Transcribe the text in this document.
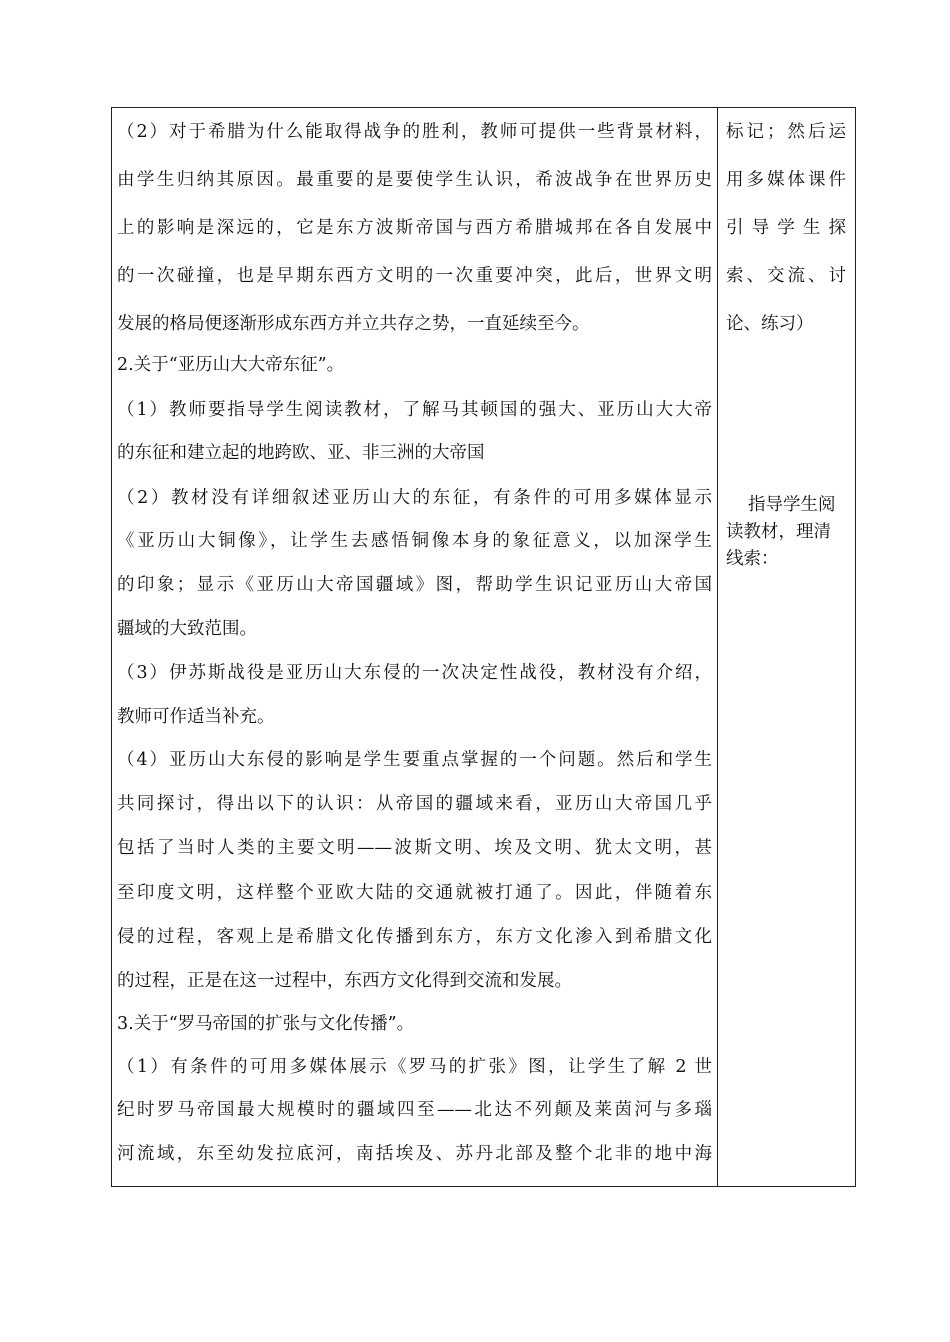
（2）对于希腊为什么能取得战争的胜利，教师可提供一些背景材料，
由学生归纳其原因。最重要的是要使学生认识，希波战争在世界历史
上的影响是深远的，它是东方波斯帝国与西方希腊城邦在各自发展中
的一次碰撞，也是早期东西方文明的一次重要冲突，此后，世界文明
发展的格局便逐渐形成东西方并立共存之势，一直延续至今。
2.关于“亚历山大大帝东征”。
（1）教师要指导学生阅读教材，了解马其顿国的强大、亚历山大大帝
的东征和建立起的地跨欧、亚、非三洲的大帝国
（2）教材没有详细叙述亚历山大的东征，有条件的可用多媒体显示
《亚历山大铜像》，让学生去感悟铜像本身的象征意义，以加深学生
的印象；显示《亚历山大帝国疆域》图，帮助学生识记亚历山大帝国
疆域的大致范围。
（3）伊苏斯战役是亚历山大东侵的一次决定性战役，教材没有介绍，
教师可作适当补充。
（4）亚历山大东侵的影响是学生要重点掌握的一个问题。然后和学生
共同探讨，得出以下的认识：从帝国的疆域来看，亚历山大帝国几乎
包括了当时人类的主要文明——波斯文明、埃及文明、犹太文明，甚
至印度文明，这样整个亚欧大陆的交通就被打通了。因此，伴随着东
侵的过程，客观上是希腊文化传播到东方，东方文化渗入到希腊文化
的过程，正是在这一过程中，东西方文化得到交流和发展。
3.关于“罗马帝国的扩张与文化传播”。
（1）有条件的可用多媒体展示《罗马的扩张》图，让学生了解 2 世
纪时罗马帝国最大规模时的疆域四至——北达不列颠及莱茵河与多瑙
河流域，东至幼发拉底河，南括埃及、苏丹北部及整个北非的地中海
标记；然后运
用多媒体课件
引导学生探
索、交流、讨
论、练习）
指导学生阅
读教材，理清
线索：
